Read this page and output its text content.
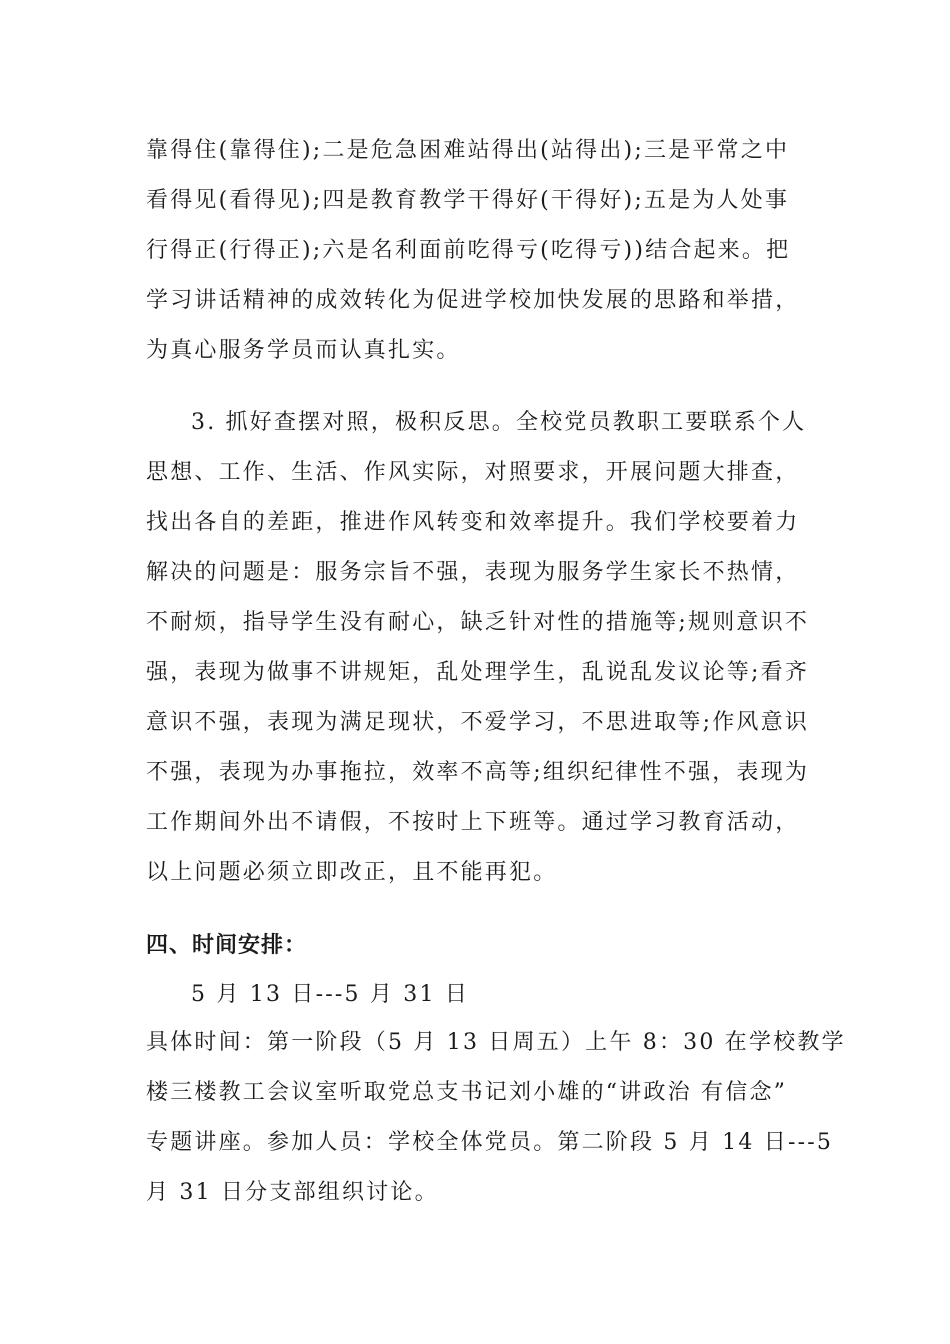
靠得住(靠得住);二是危急困难站得出(站得出);三是平常之中
看得见(看得见);四是教育教学干得好(干得好);五是为人处事
行得正(行得正);六是名利面前吃得亏(吃得亏))结合起来。把
学习讲话精神的成效转化为促进学校加快发展的思路和举措，
为真心服务学员而认真扎实。
3. 抓好查摆对照，极积反思。全校党员教职工要联系个人
思想、工作、生活、作风实际，对照要求，开展问题大排查，
找出各自的差距，推进作风转变和效率提升。我们学校要着力
解决的问题是：服务宗旨不强，表现为服务学生家长不热情，
不耐烦，指导学生没有耐心，缺乏针对性的措施等;规则意识不
强，表现为做事不讲规矩，乱处理学生，乱说乱发议论等;看齐
意识不强，表现为满足现状，不爱学习，不思进取等;作风意识
不强，表现为办事拖拉，效率不高等;组织纪律性不强，表现为
工作期间外出不请假，不按时上下班等。通过学习教育活动，
以上问题必须立即改正，且不能再犯。
四、时间安排：
5 月 13 日---5 月 31 日
具体时间：第一阶段（5 月 13 日周五）上午 8：30 在学校教学
楼三楼教工会议室听取党总支书记刘小雄的“讲政治 有信念”
专题讲座。参加人员：学校全体党员。第二阶段 5 月 14 日---5
月 31 日分支部组织讨论。
